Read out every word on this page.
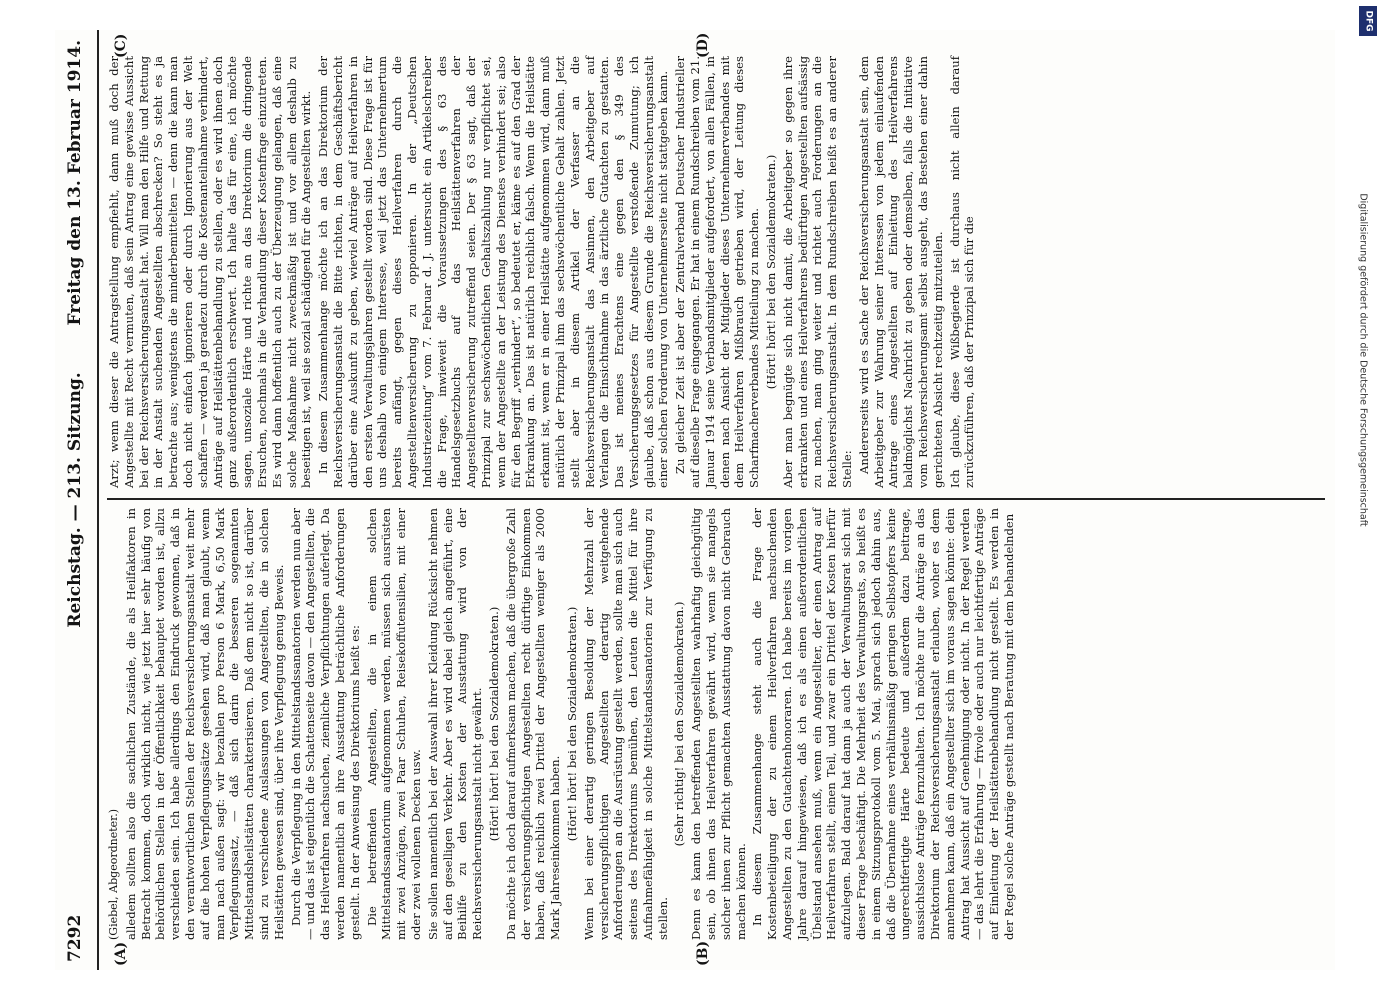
7292
Reichstag. — 213. Sitzung.
Freitag den 13. Februar 1914.
(A)	(B)
(C)	(D)

(Giebel, Abgeordneter.) alledem sollten also die sachlichen Zustände, die als Heilfaktoren in Betracht kommen, doch wirklich nicht, wie jetzt hier sehr häufig von behördlichen Stellen in der Öffentlichkeit behauptet worden ist, allzu verschieden sein. Ich habe allerdings den Eindruck gewonnen, daß in den verantwortlichen Stellen der Reichsversicherungsanstalt weit mehr auf die hohen Verpflegungssätze gesehen wird, daß man glaubt, wenn man nach außen sagt: wir bezahlen pro Person 6 Mark, 6,50 Mark Verpflegungssatz, — daß sich darin die besseren sogenannten Mittelstandsheilstätten charakterisieren. Daß dem nicht so ist, darüber sind zu verschiedene Auslassungen von Angestellten, die in solchen Heilstätten gewesen sind, über ihre Verpflegung genug Beweis. Durch die Verpflegung in den Mittelstandssanatorien werden nun aber — und das ist eigentlich die Schattenseite davon — den Angestellten, die das Heilverfahren nachsuchen, ziemliche Verpflichtungen auferlegt. Da werden namentlich an ihre Ausstattung beträchtliche Anforderungen gestellt. In der Anweisung des Direktoriums heißt es: Die betreffenden Angestellten, die in einem solchen Mittelstandssanatorium aufgenommen werden, müssen sich ausrüsten mit zwei Anzügen, zwei Paar Schuhen, Reisekoffutensilien, mit einer oder zwei wollenen Decken usw. Sie sollen namentlich bei der Auswahl ihrer Kleidung Rücksicht nehmen auf den geselligen Verkehr. Aber es wird dabei gleich angeführt, eine Beihilfe zu den Kosten der Ausstattung wird von der Reichsversicherungsanstalt nicht gewährt. (Hört! hört! bei den Sozialdemokraten.) Da möchte ich doch darauf aufmerksam machen, daß die übergroße Zahl der versicherungspflichtigen Angestellten recht dürftige Einkommen haben, daß reichlich zwei Drittel der Angestellten weniger als 2000 Mark Jahreseinkommen haben.

(Hört! hört! bei den Sozialdemokraten.) Wenn bei einer derartig geringen Besoldung der Mehrzahl der versicherungspflichtigen Angestellten derartig weitgehende Anforderungen an die Ausrüstung gestellt werden, sollte man sich auch seitens des Direktoriums bemühen, den Leuten die Mittel für ihre Aufnahmefähigkeit in solche Mittelstandssanatorien zur Verfügung zu stellen.

(Sehr richtig! bei den Sozialdemokraten.) Denn es kann den betreffenden Angestellten wahrhaftig gleichgültig sein, ob ihnen das Heilverfahren gewährt wird, wenn sie mangels solcher ihnen zur Pflicht gemachten Ausstattung davon nicht Gebrauch machen können. In diesem Zusammenhange steht auch die Frage der Kostenbeteiligung der zu einem Heilverfahren nachsuchenden Angestellten zu den Gutachtenhonoraren. Ich habe bereits im vorigen Jahre darauf hingewiesen, daß ich es als einen außerordentlichen Übelstand ansehen muß, wenn ein Angestellter, der einen Antrag auf Heilverfahren stellt, einen Teil, und zwar ein Drittel der Kosten hierfür aufzulegen. Bald darauf hat dann ja auch der Verwaltungsrat sich mit dieser Frage beschäftigt. Die Mehrheit des Verwaltungsrats, so heißt es in einem Sitzungsprotokoll vom 5. Mai, sprach sich jedoch dahin aus, daß die Übernahme eines verhältnismäßig geringen Selbstopfers keine ungerechtfertigte Härte bedeute und außerdem dazu beitrage, aussichtslose Anträge fernzuhalten. Ich möchte nur die Anträge an das Direktorium der Reichsversicherungsanstalt erlauben, woher es dem annehmen kann, daß ein Angestellter sich im voraus sagen könnte: dein Antrag hat Aussicht auf Genehmigung oder nicht. In der Regel werden — das lehrt die Erfahrung — frivole oder auch nur leichtfertige Anträge auf Einleitung der Heilstättenbehandlung nicht gestellt. Es werden in der Regel solche Anträge gestellt nach Beratung mit dem behandelnden

Arzt; wenn dieser die Antragstellung empfiehlt, dann muß doch der Angestellte mit Recht vermuten, daß sein Antrag eine gewisse Aussicht bei der Reichsversicherungsanstalt hat. Will man den Hilfe und Rettung in der Anstalt suchenden Angestellten abschrecken? So steht es ja betrachte aus; wenigstens die minderbemittelten — denn die kann man doch nicht einfach ignorieren oder durch Ignorierung aus der Welt schaffen — werden ja geradezu durch die Kostenanteilnahme verhindert, Anträge auf Heilstättenbehandlung zu stellen, oder es wird ihnen doch ganz außerordentlich erschwert. Ich halte das für eine, ich möchte sagen, unsoziale Härte und richte an das Direktorium die dringende Ersuchen, nochmals in die Verhandlung dieser Kostenfrage einzutreten. Es wird dann hoffentlich auch zu der Überzeugung gelangen, daß eine solche Maßnahme nicht zweckmäßig ist und vor allem deshalb zu beseitigen ist, weil sie sozial schädigend für die Angestellten wirkt. In diesem Zusammenhange möchte ich an das Direktorium der Reichsversicherungsanstalt die Bitte richten, in dem Geschäftsbericht darüber eine Auskunft zu geben, wieviel Anträge auf Heilverfahren in den ersten Verwaltungsjahren gestellt worden sind. Diese Frage ist für uns deshalb von einigem Interesse, weil jetzt das Unternehmertum bereits anfängt, gegen dieses Heilverfahren durch die Angestelltenversicherung zu opponieren. In der „Deutschen Industriezeitung“ vom 7. Februar d. J. untersucht ein Artikelschreiber die Frage, inwieweit die Voraussetzungen des § 63 des Handelsgesetzbuchs auf das Heilstättenverfahren der Angestelltenversicherung zutreffend seien. Der § 63 sagt, daß der Prinzipal zur sechswöchentlichen Gehaltszahlung nur verpflichtet sei, wenn der Angestellte an der Leistung des Dienstes verhindert sei; also für den Begriff „verhindert“, so bedeutet er, käme es auf den Grad der Erkrankung an. Das ist natürlich reichlich falsch. Wenn die Heilstätte erkannt ist, wenn er in einer Heilstätte aufgenommen wird, dann muß natürlich der Prinzipal ihm das sechswöchentliche Gehalt zahlen. Jetzt stellt aber in diesem Artikel der Verfasser an die Reichsversicherungsanstalt das Ansinnen, den Arbeitgeber auf Verlangen die Einsichtnahme in das ärztliche Gutachten zu gestatten. Das ist meines Erachtens eine gegen den § 349 des Versicherungsgesetzes für Angestellte verstoßende Zumutung; ich glaube, daß schon aus diesem Grunde die Reichsversicherungsanstalt einer solchen Forderung von Unternehmerseite nicht stattgeben kann. Zu gleicher Zeit ist aber der Zentralverband Deutscher Industrieller auf dieselbe Frage eingegangen. Er hat in einem Rundschreiben vom 21. Januar 1914 seine Verbandsmitglieder aufgefordert, von allen Fällen, in denen nach Ansicht der Mitglieder dieses Unternehmerverbandes mit dem Heilverfahren Mißbrauch getrieben wird, der Leitung dieses Scharfmacherverbandes Mitteilung zu machen. (Hört! hört! bei den Sozialdemokraten.) Aber man begnügte sich nicht damit, die Arbeitgeber so gegen ihre erkrankten und eines Heilverfahrens bedürftigen Angestellten aufsässig zu machen, man ging weiter und richtet auch Forderungen an die Reichsversicherungsanstalt. In dem Rundschreiben heißt es an anderer Stelle: Andererseits wird es Sache der Reichsversicherungsanstalt sein, dem Arbeitgeber zur Wahrung seiner Interessen von jedem einlaufenden Antrage eines Angestellten auf Einleitung des Heilverfahrens baldmöglichst Nachricht zu geben oder demselben, falls die Initiative vom Reichsversicherungsamt selbst ausgeht, das Bestehen einer dahin gerichteten Absicht rechtzeitig mitzuteilen. Ich glaube, diese Wißbegierde ist durchaus nicht allein darauf zurückzuführen, daß der Prinzipal sich für die	Digitalisierung gefördert durch die Deutsche Forschungsgemeinschaft
DFG
